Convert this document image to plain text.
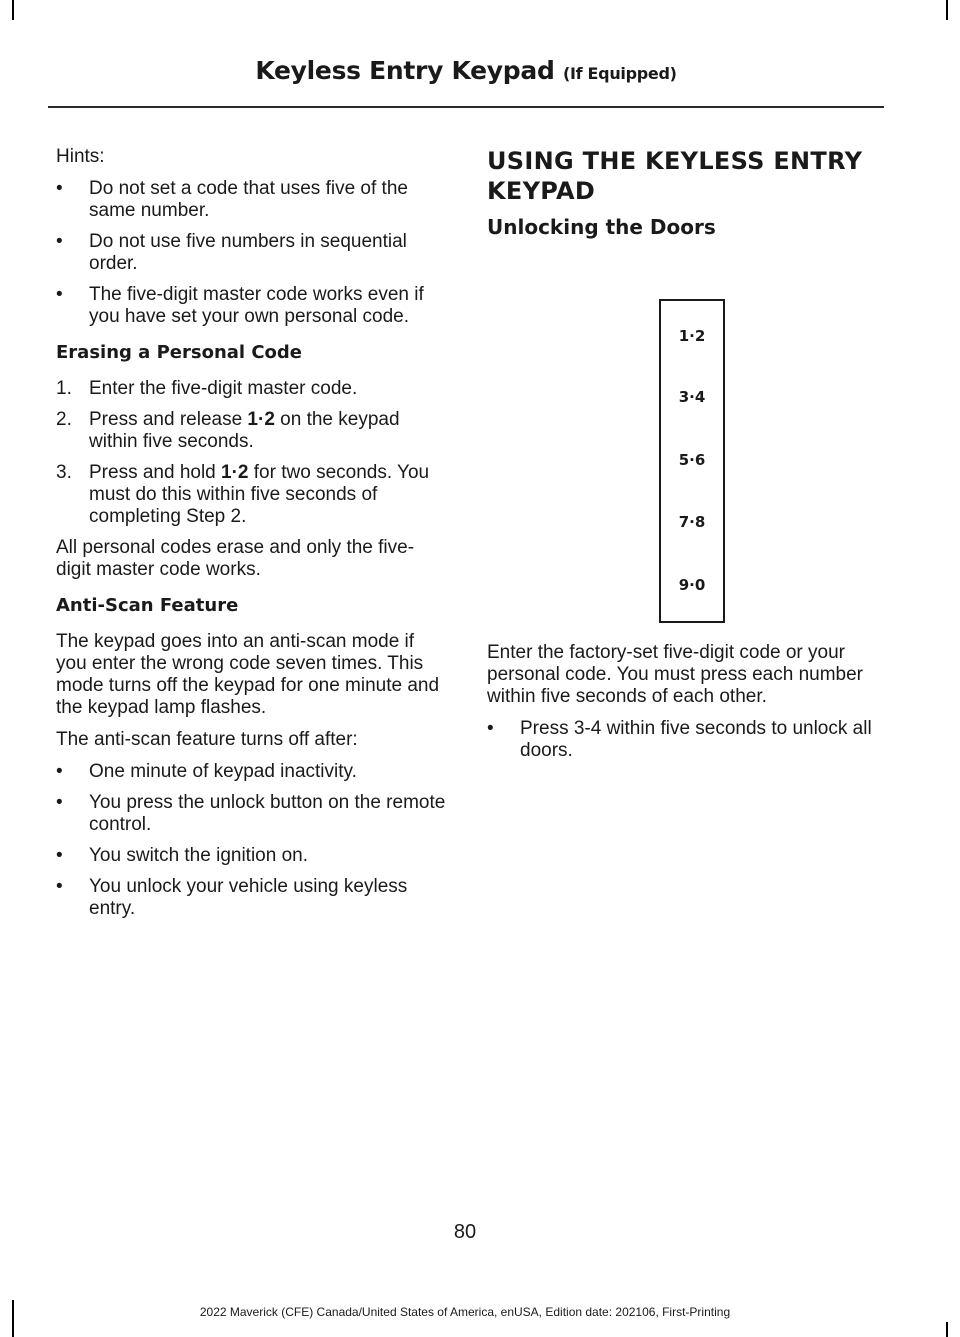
Keyless Entry Keypad (If Equipped)

Hints:

•	Do not set a code that uses five of the same number.
•	Do not use five numbers in sequential order.
•	The five-digit master code works even if you have set your own personal code.
Erasing a Personal Code
1. Enter the five-digit master code.
2. Press and release 1·2 on the keypad within five seconds.
3. Press and hold 1·2 for two seconds. You must do this within five seconds of completing Step 2.

All personal codes erase and only the five-digit master code works.

Anti-Scan Feature

The keypad goes into an anti-scan mode if you enter the wrong code seven times. This mode turns off the keypad for one minute and the keypad lamp flashes.

The anti-scan feature turns off after:

•	One minute of keypad inactivity.
•	You press the unlock button on the remote control.
•	You switch the ignition on.
•	You unlock your vehicle using keyless entry.
USING THE KEYLESS ENTRY KEYPAD
Unlocking the Doors

Enter the factory-set five-digit code or your personal code. You must press each number within five seconds of each other.

•	Press 3-4 within five seconds to unlock all doors.
1·2
3·4
5·6
7·8
9·0
80
2022 Maverick (CFE) Canada/United States of America, enUSA, Edition date: 202106, First-Printing
